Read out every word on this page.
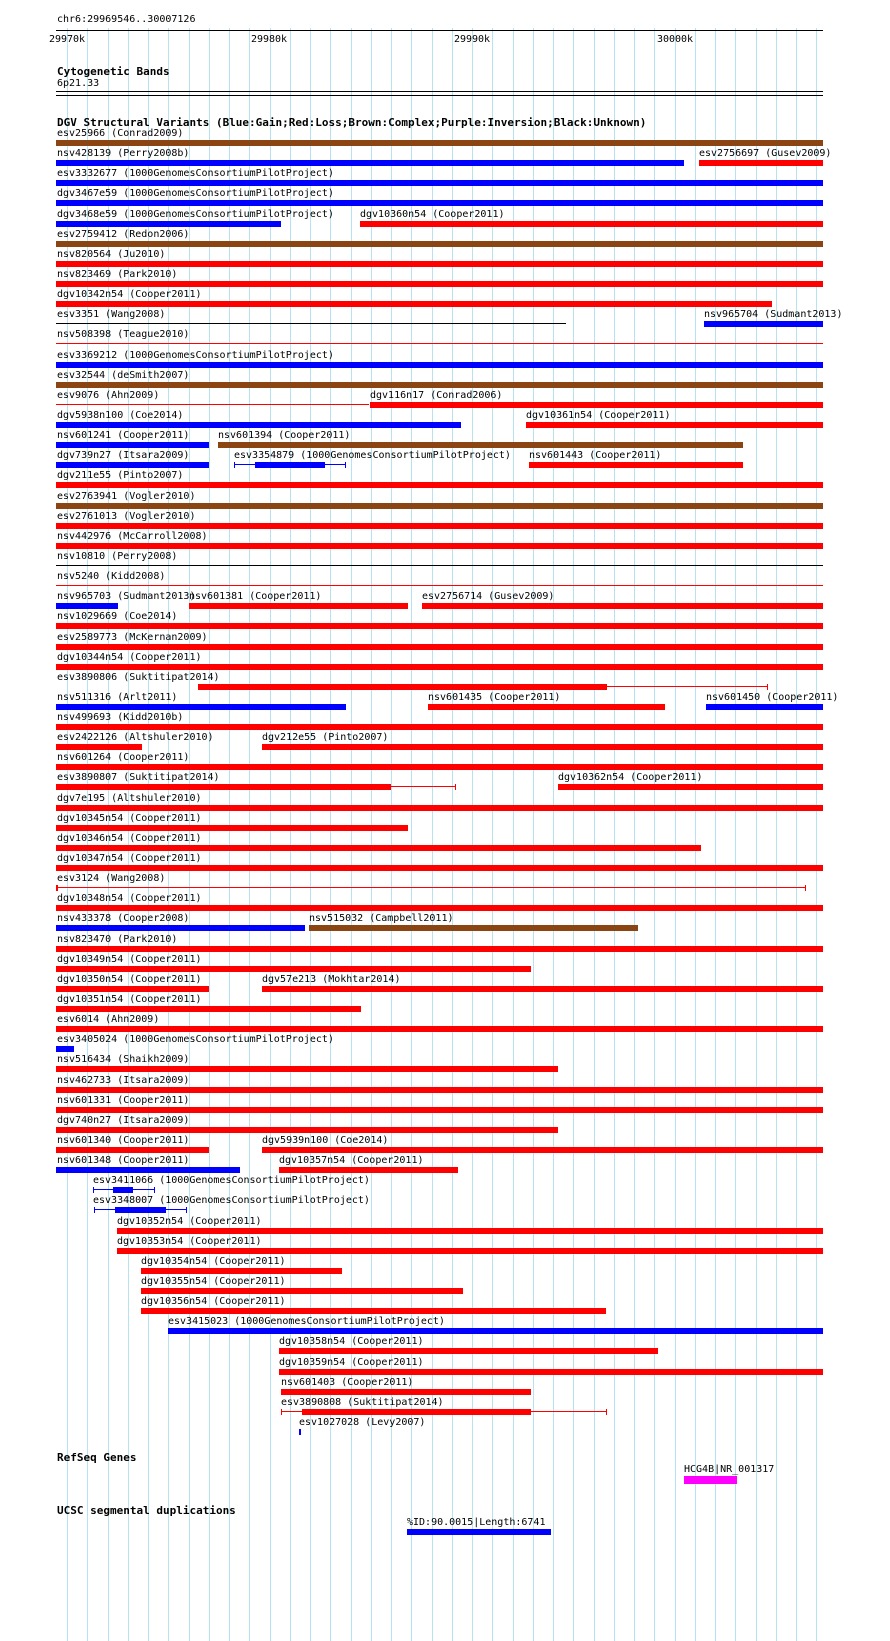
chr6:29969546..30007126
29970k	29980k	29990k	30000k
Cytogenetic Bands
6p21.33
DGV Structural Variants (Blue:Gain;Red:Loss;Brown:Complex;Purple:Inversion;Black:Unknown)
RefSeq Genes
HCG4B|NR_001317
UCSC segmental duplications
%ID:90.0015|Length:6741
esv25966 (Conrad2009)
nsv428139 (Perry2008b)	esv2756697 (Gusev2009)
esv3332677 (1000GenomesConsortiumPilotProject)
dgv3467e59 (1000GenomesConsortiumPilotProject)
dgv3468e59 (1000GenomesConsortiumPilotProject)	dgv10360n54 (Cooper2011)
esv2759412 (Redon2006)
nsv820564 (Ju2010)
nsv823469 (Park2010)
dgv10342n54 (Cooper2011)
esv3351 (Wang2008)	nsv965704 (Sudmant2013)
nsv508398 (Teague2010)
esv3369212 (1000GenomesConsortiumPilotProject)
esv32544 (deSmith2007)
esv9076 (Ahn2009)	dgv116n17 (Conrad2006)
dgv5938n100 (Coe2014)	dgv10361n54 (Cooper2011)
nsv601241 (Cooper2011)	nsv601394 (Cooper2011)
dgv739n27 (Itsara2009)	esv3354879 (1000GenomesConsortiumPilotProject) nsv601443 (Cooper2011)
dgv211e55 (Pinto2007)
esv2763941 (Vogler2010)
esv2761013 (Vogler2010)
nsv442976 (McCarroll2008)
nsv10810 (Perry2008)
nsv5240 (Kidd2008)
nsv965703 (Sudmant2013)
nsv601381 (Cooper2011)	esv2756714 (Gusev2009)
nsv1029669 (Coe2014)
esv2589773 (McKernan2009)
dgv10344n54 (Cooper2011)
esv3890806 (Suktitipat2014)
nsv511316 (Arlt2011)	nsv601435 (Cooper2011)	nsv601450 (Cooper2011)
nsv499693 (Kidd2010b)
esv2422126 (Altshuler2010)	dgv212e55 (Pinto2007)
nsv601264 (Cooper2011)
esv3890807 (Suktitipat2014)	dgv10362n54 (Cooper2011)
dgv7e195 (Altshuler2010)
dgv10345n54 (Cooper2011)
dgv10346n54 (Cooper2011)
dgv10347n54 (Cooper2011)
esv3124 (Wang2008)
dgv10348n54 (Cooper2011)
nsv433378 (Cooper2008)	nsv515032 (Campbell2011)
nsv823470 (Park2010)
dgv10349n54 (Cooper2011)
dgv10350n54 (Cooper2011)	dgv57e213 (Mokhtar2014)
dgv10351n54 (Cooper2011)
esv6014 (Ahn2009)
esv3405024 (1000GenomesConsortiumPilotProject)
nsv516434 (Shaikh2009)
nsv462733 (Itsara2009)
nsv601331 (Cooper2011)
dgv740n27 (Itsara2009)
nsv601340 (Cooper2011)	dgv5939n100 (Coe2014)
nsv601348 (Cooper2011)	dgv10357n54 (Cooper2011)
esv3411066 (1000GenomesConsortiumPilotProject)
esv3348007 (1000GenomesConsortiumPilotProject)
dgv10352n54 (Cooper2011)
dgv10353n54 (Cooper2011)
dgv10354n54 (Cooper2011)
dgv10355n54 (Cooper2011)
dgv10356n54 (Cooper2011)
esv3415023 (1000GenomesConsortiumPilotProject)
dgv10358n54 (Cooper2011)
dgv10359n54 (Cooper2011)
nsv601403 (Cooper2011)
esv3890808 (Suktitipat2014)
esv1027028 (Levy2007)
